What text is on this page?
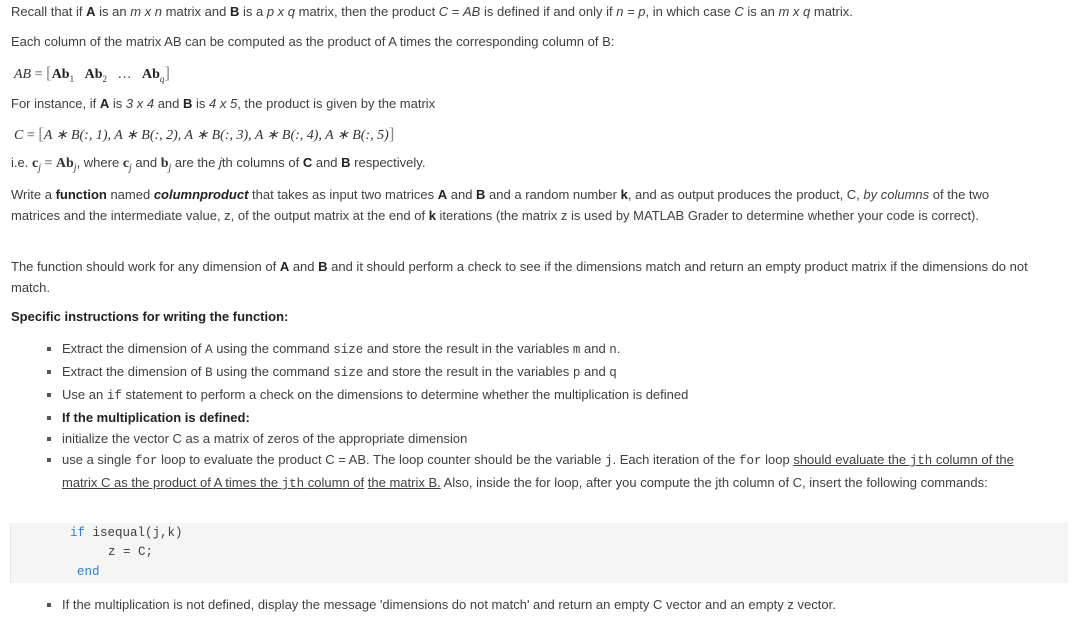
Recall that if A is an m x n matrix and B is a p x q matrix, then the product C = AB is defined if and only if n = p, in which case C is an m x q matrix.
Each column of the matrix AB can be computed as the product of A times the corresponding column of B:
AB = [$Ab_1$ $Ab_2$ … $Ab_q$]
For instance, if A is 3 x 4 and B is 4 x 5, the product is given by the matrix
C = [A ∗ B(:, 1), A ∗ B(:, 2), A ∗ B(:, 3), A ∗ B(:, 4), A ∗ B(:, 5)]
i.e. $c_j = Ab_j$, where $c_j$ and $b_j$ are the jth columns of C and B respectively.
Write a function named columnproduct that takes as input two matrices A and B and a random number k, and as output produces the product, C, by columns of the two matrices and the intermediate value, z, of the output matrix at the end of k iterations (the matrix z is used by MATLAB Grader to determine whether your code is correct).
The function should work for any dimension of A and B and it should perform a check to see if the dimensions match and return an empty product matrix if the dimensions do not match.
Specific instructions for writing the function:
Extract the dimension of A using the command size and store the result in the variables m and n.
Extract the dimension of B using the command size and store the result in the variables p and q
Use an if statement to perform a check on the dimensions to determine whether the multiplication is defined
If the multiplication is defined:
initialize the vector C as a matrix of zeros of the appropriate dimension
use a single for loop to evaluate the product C = AB. The loop counter should be the variable j. Each iteration of the for loop should evaluate the jth column of the matrix C as the product of A times the jth column of the matrix B. Also, inside the for loop, after you compute the jth column of C, insert the following commands:
if isequal(j,k)
z = C;
end
If the multiplication is not defined, display the message 'dimensions do not match' and return an empty C vector and an empty z vector.
